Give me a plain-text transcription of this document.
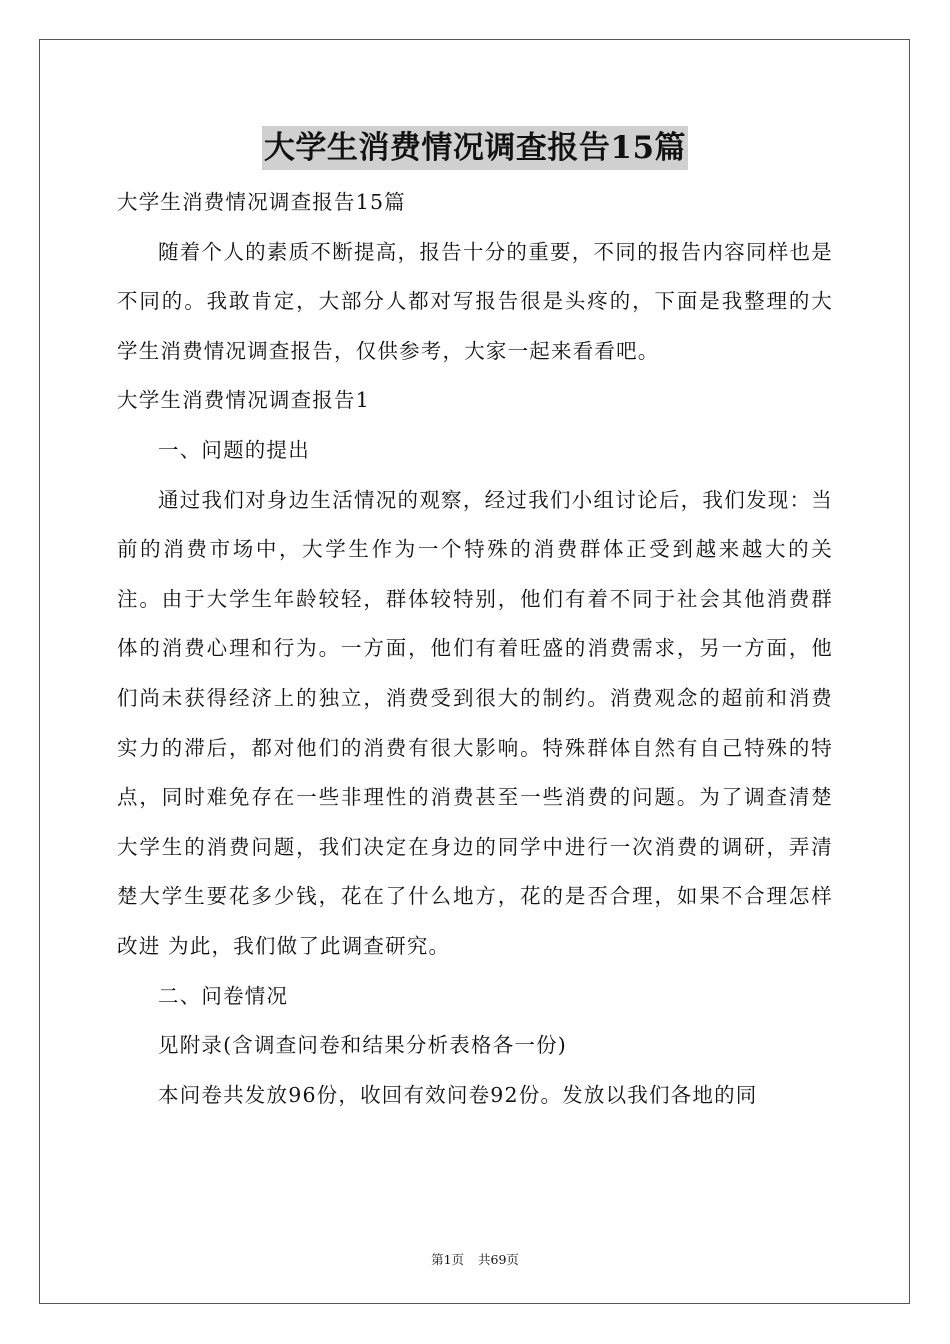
大学生消费情况调查报告15篇

大学生消费情况调查报告15篇

随着个人的素质不断提高，报告十分的重要，不同的报告内容同样也是不同的。我敢肯定，大部分人都对写报告很是头疼的，下面是我整理的大学生消费情况调查报告，仅供参考，大家一起来看看吧。

大学生消费情况调查报告1

一、问题的提出

通过我们对身边生活情况的观察，经过我们小组讨论后，我们发现：当前的消费市场中，大学生作为一个特殊的消费群体正受到越来越大的关注。由于大学生年龄较轻，群体较特别，他们有着不同于社会其他消费群体的消费心理和行为。一方面，他们有着旺盛的消费需求，另一方面，他们尚未获得经济上的独立，消费受到很大的制约。消费观念的超前和消费实力的滞后，都对他们的消费有很大影响。特殊群体自然有自己特殊的特点，同时难免存在一些非理性的消费甚至一些消费的问题。为了调查清楚大学生的消费问题，我们决定在身边的同学中进行一次消费的调研，弄清楚大学生要花多少钱，花在了什么地方，花的是否合理，如果不合理怎样改进 为此，我们做了此调查研究。

二、问卷情况

见附录(含调查问卷和结果分析表格各一份)

本问卷共发放96份，收回有效问卷92份。发放以我们各地的同

第1页 共69页
